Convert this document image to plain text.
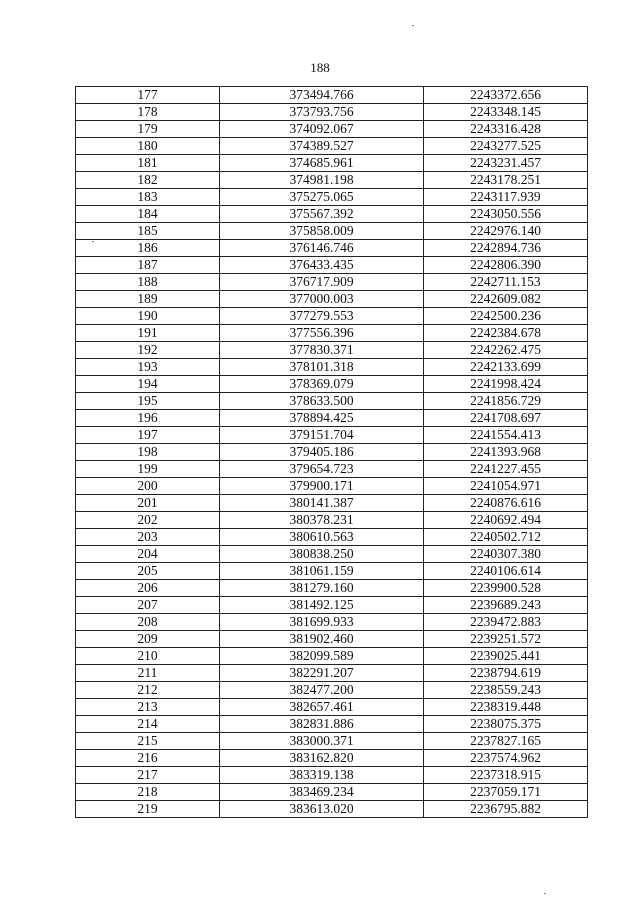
188
177	373494.766	2243372.656
178	373793.756	2243348.145
179	374092.067	2243316.428
180	374389.527	2243277.525
181	374685.961	2243231.457
182	374981.198	2243178.251
183	375275.065	2243117.939
184	375567.392	2243050.556
185	375858.009	2242976.140
186	376146.746	2242894.736
187	376433.435	2242806.390
188	376717.909	2242711.153
189	377000.003	2242609.082
190	377279.553	2242500.236
191	377556.396	2242384.678
192	377830.371	2242262.475
193	378101.318	2242133.699
194	378369.079	2241998.424
195	378633.500	2241856.729
196	378894.425	2241708.697
197	379151.704	2241554.413
198	379405.186	2241393.968
199	379654.723	2241227.455
200	379900.171	2241054.971
201	380141.387	2240876.616
202	380378.231	2240692.494
203	380610.563	2240502.712
204	380838.250	2240307.380
205	381061.159	2240106.614
206	381279.160	2239900.528
207	381492.125	2239689.243
208	381699.933	2239472.883
209	381902.460	2239251.572
210	382099.589	2239025.441
211	382291.207	2238794.619
212	382477.200	2238559.243
213	382657.461	2238319.448
214	382831.886	2238075.375
215	383000.371	2237827.165
216	383162.820	2237574.962
217	383319.138	2237318.915
218	383469.234	2237059.171
219	383613.020	2236795.882
